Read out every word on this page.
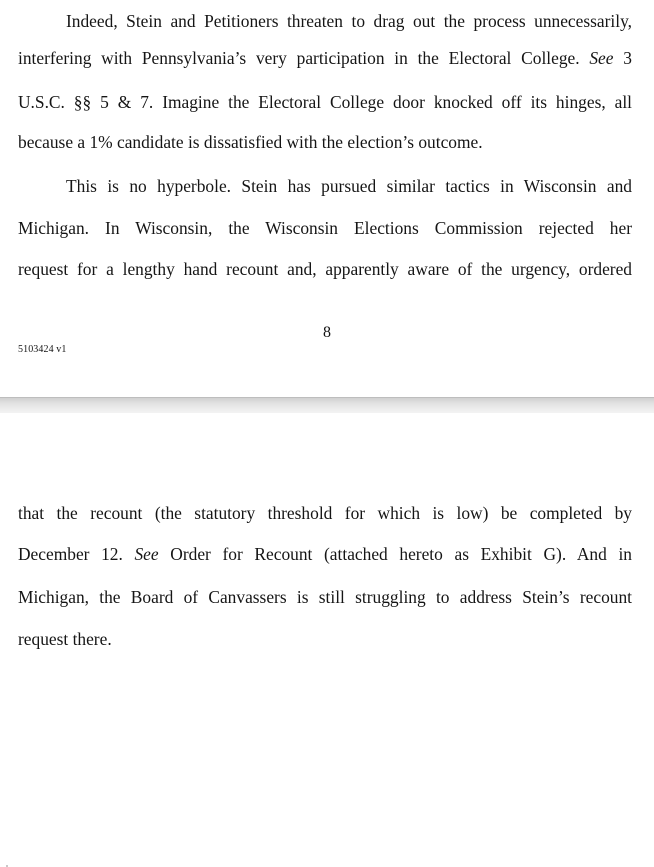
Indeed, Stein and Petitioners threaten to drag out the process unnecessarily,
interfering with Pennsylvania’s very participation in the Electoral College. See 3
U.S.C. §§ 5 & 7. Imagine the Electoral College door knocked off its hinges, all
because a 1% candidate is dissatisfied with the election’s outcome.
This is no hyperbole. Stein has pursued similar tactics in Wisconsin and
Michigan. In Wisconsin, the Wisconsin Elections Commission rejected her
request for a lengthy hand recount and, apparently aware of the urgency, ordered
8
5103424 v1
that the recount (the statutory threshold for which is low) be completed by
December 12. See Order for Recount (attached hereto as Exhibit G). And in
Michigan, the Board of Canvassers is still struggling to address Stein’s recount
request there.
